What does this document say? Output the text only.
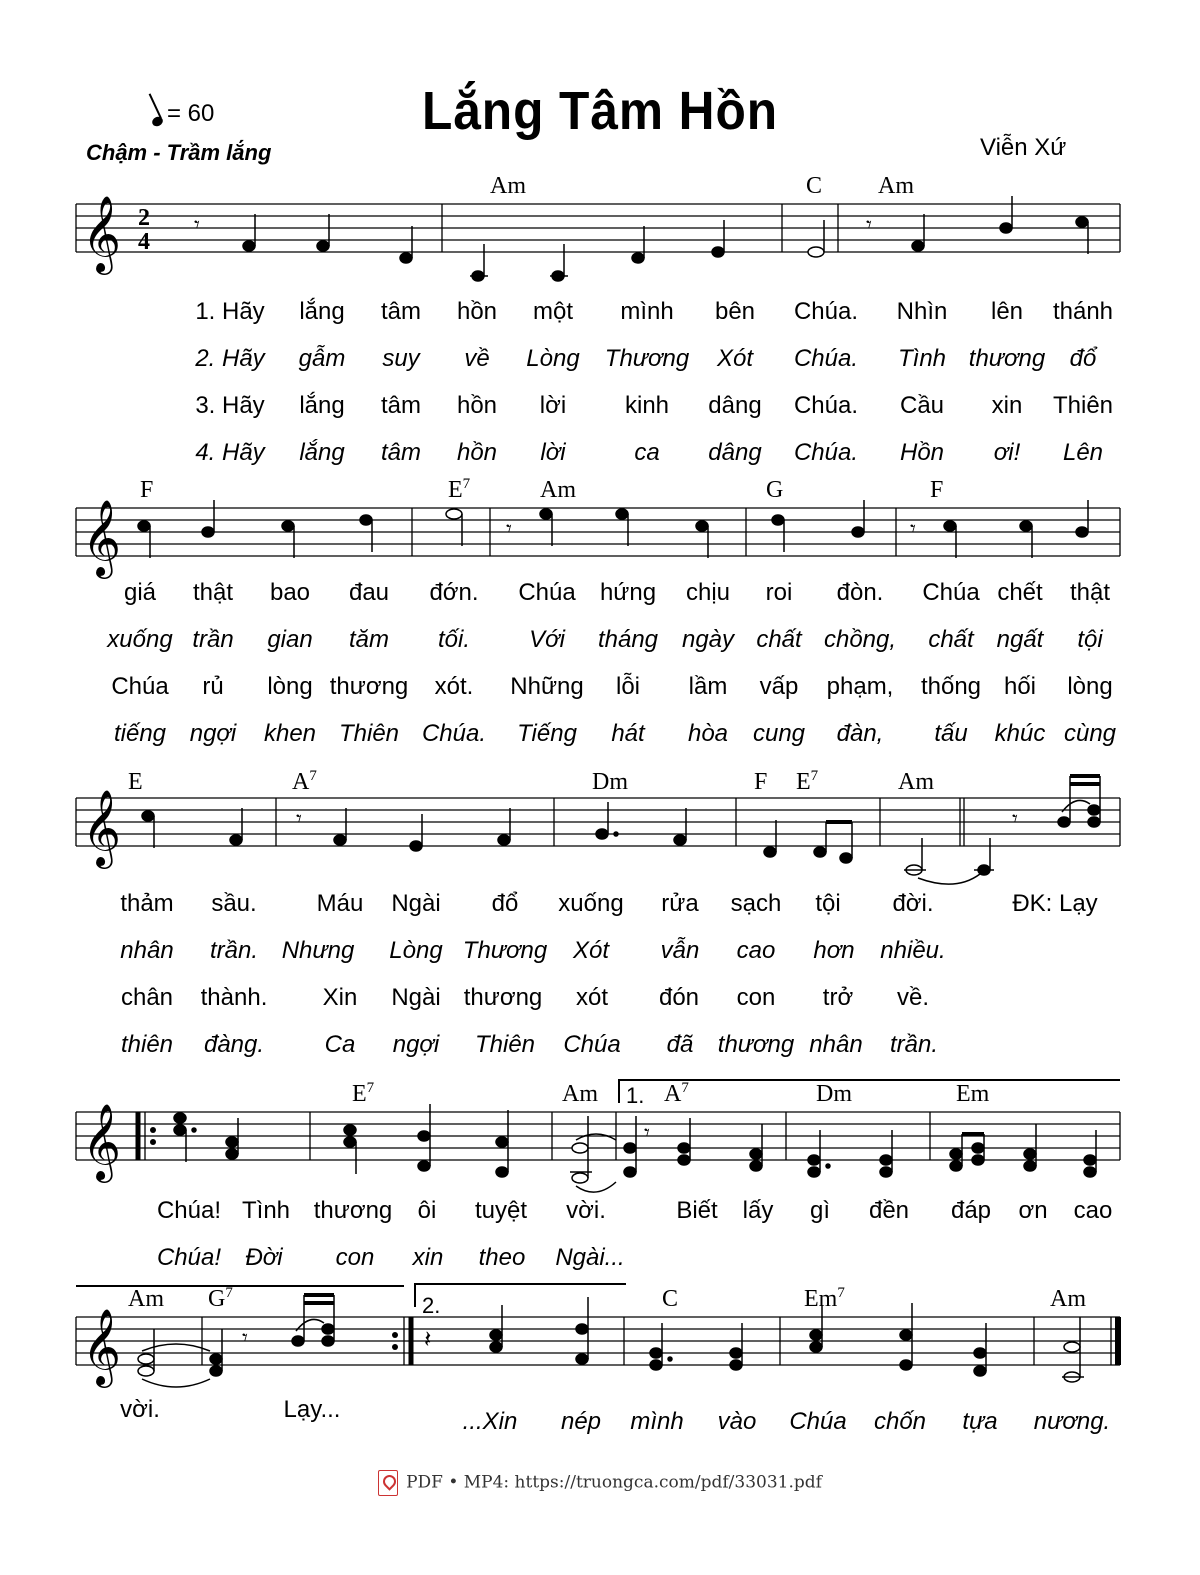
Lắng Tâm Hồn
= 60
Chậm - Trầm lắng	Viễn Xứ
𝄞 2
4
𝄾	𝄾
Am	C Am
1. Hãy lắng tâm hồn một mình bên Chúa. Nhìn lên thánh
2. Hãy gẫm suy về Lòng Thương Xót Chúa. Tình thương đổ
3. Hãy lắng tâm hồn lời kinh dâng Chúa. Cầu xin Thiên
4. Hãy lắng tâm hồn lời	ca dâng Chúa. Hồn ơi! Lên
𝄞	𝄾	𝄾
F	$E^7$	Am	G	F
giá thật bao đau đớn. Chúa hứng chịu roi đòn. Chúa chết thật
xuống trần gian tăm tối. Với tháng ngày chất chồng, chất ngất tội
Chúa rủ lòng thương xót. Những lỗi lầm vấp phạm, thống hối lòng
tiếng ngợi khen Thiên Chúa. Tiếng hát hòa cung đàn, tấu khúc cùng
𝄞	𝄾	𝄾
E	$A^7$	Dm	F $E^7$	Am
thảm sầu. Máu Ngài đổ xuống rửa sạch tội đời.	ĐK: Lạy
nhân trần. Nhưng Lòng Thương Xót vẫn cao hơn nhiều.
chân thành. Xin Ngài thương xót đón con trở về.
thiên đàng.	Ca ngợi Thiên Chúa đã thương nhân trần.
1.
𝄞	𝄾
$E^7$	Am	$A^7$	Dm	Em
Chúa! Tình thương ôi tuyệt vời.	Biết lấy gì đền đáp ơn cao
Chúa! Đời con xin theo Ngài...
2.
𝄞	𝄾	𝄽
Am $G^7$	C	Em$^7$	Am
vời.	Lạy...	...Xin nép mình vào Chúa chốn tựa nương.
PDF • MP4: https://truongca.com/pdf/33031.pdf
